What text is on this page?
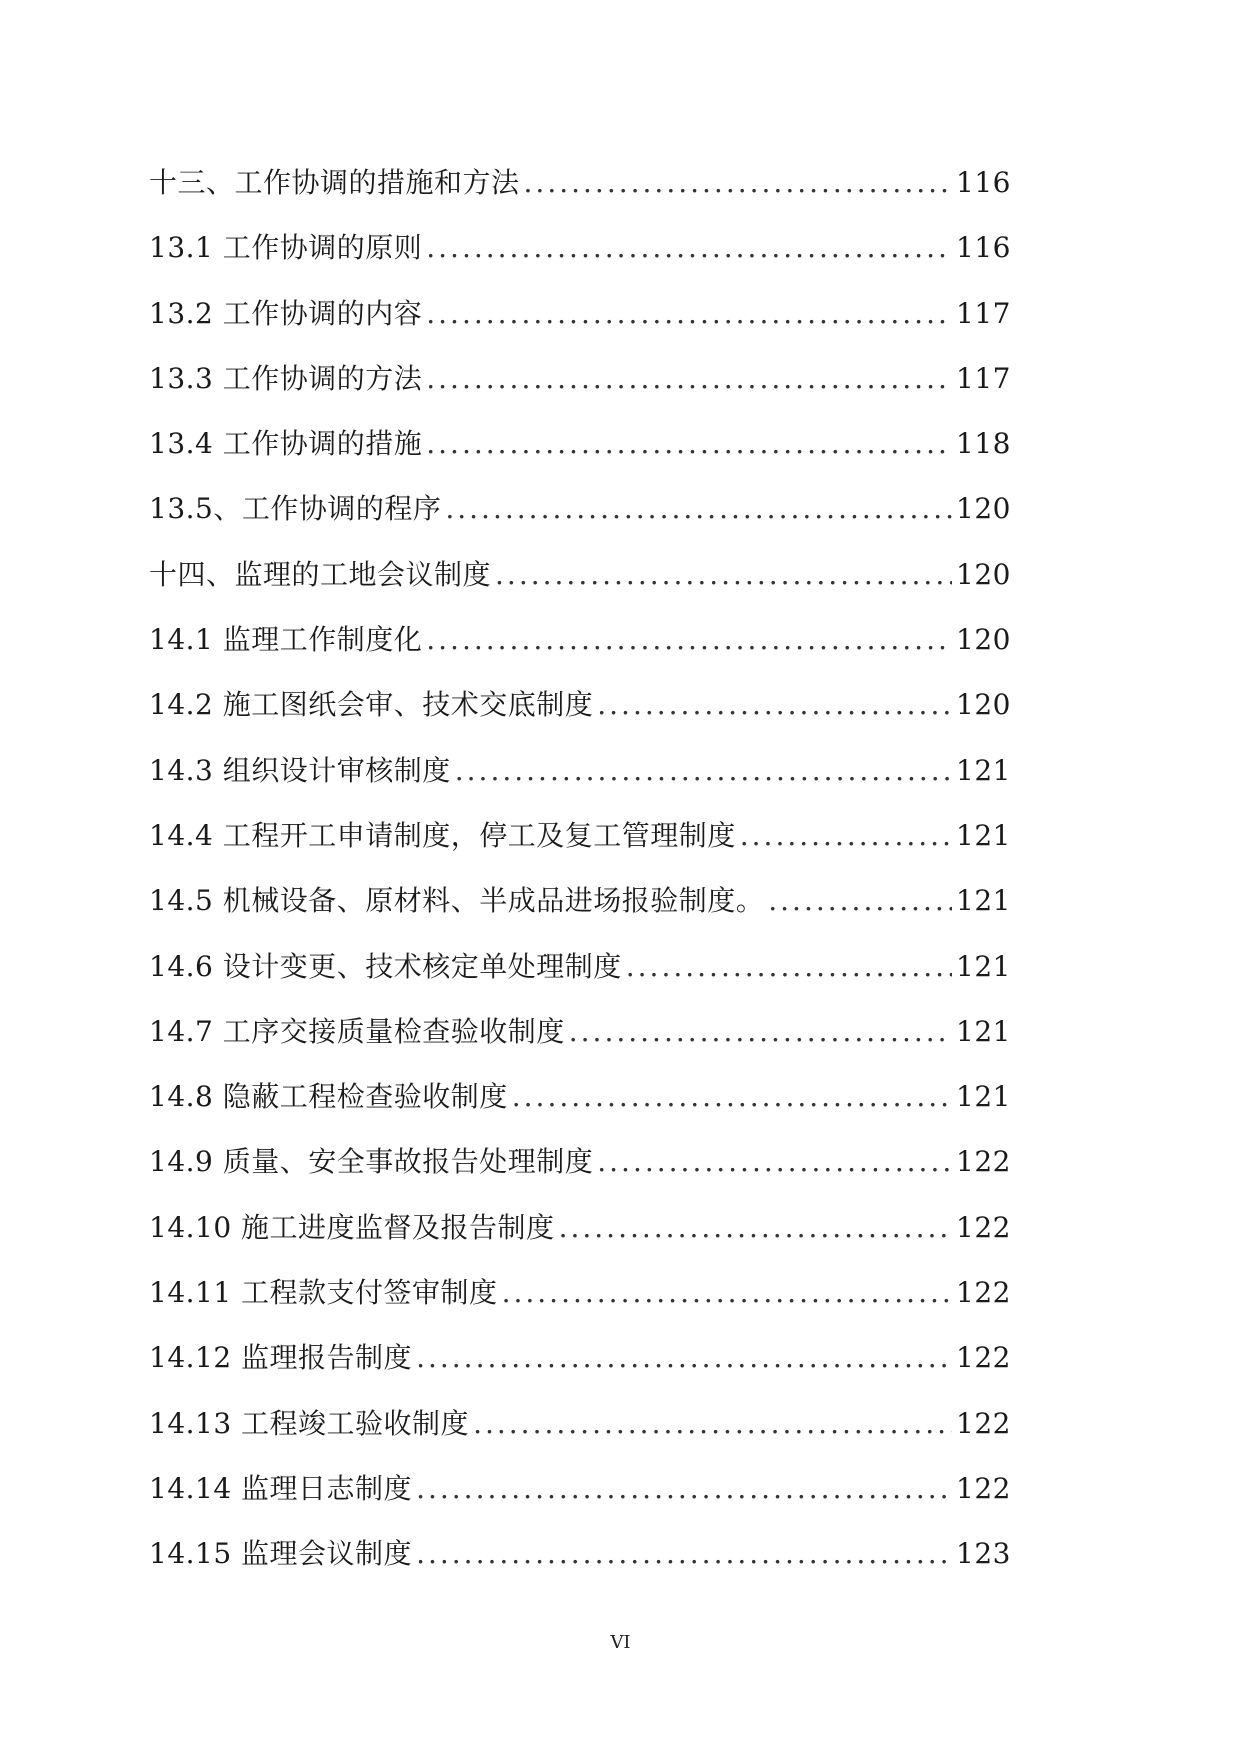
十三、工作协调的措施和方法 .....	116
13.1 工作协调的原则 .....	116
13.2 工作协调的内容 .....	117
13.3 工作协调的方法 .....	117
13.4 工作协调的措施 .....	118
13.5、工作协调的程序 .....	120
十四、监理的工地会议制度 .....	120
14.1 监理工作制度化 .....	120
14.2 施工图纸会审、技术交底制度 .....	120
14.3 组织设计审核制度 .....	121
14.4 工程开工申请制度，停工及复工管理制度 .....	121
14.5 机械设备、原材料、半成品进场报验制度。 .....	121
14.6 设计变更、技术核定单处理制度 .....	121
14.7 工序交接质量检查验收制度 .....	121
14.8 隐蔽工程检查验收制度 .....	121
14.9 质量、安全事故报告处理制度 .....	122
14.10 施工进度监督及报告制度 .....	122
14.11 工程款支付签审制度 .....	122
14.12 监理报告制度 .....	122
14.13 工程竣工验收制度 .....	122
14.14 监理日志制度 .....	122
14.15 监理会议制度 .....	123
VI
